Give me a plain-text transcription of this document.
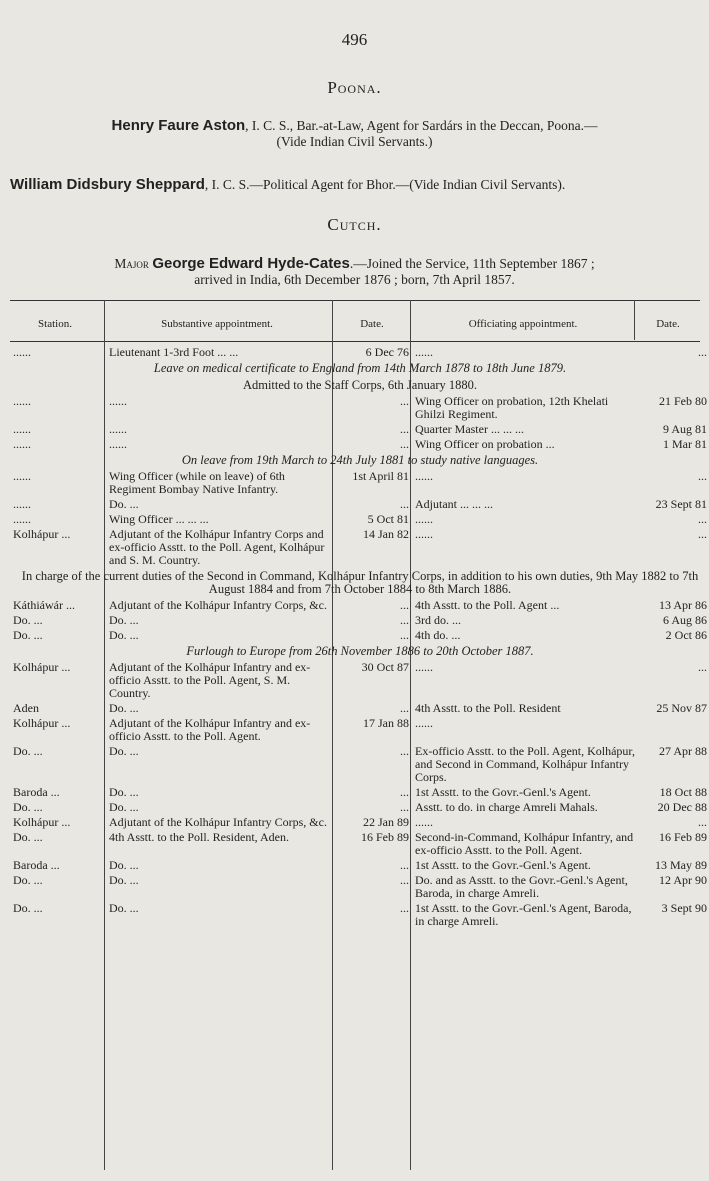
496
Poona.
Henry Faure Aston, I. C. S., Bar.-at-Law, Agent for Sardárs in the Deccan, Poona.—
(Vide Indian Civil Servants.)
William Didsbury Sheppard, I. C. S.—Political Agent for Bhor.—(Vide Indian Civil Servants).
Cutch.
Major George Edward Hyde-Cates.—Joined the Service, 11th September 1867 ;
arrived in India, 6th December 1876 ; born, 7th April 1857.
Station.	Substantive appointment.	Date.	Officiating appointment.	Date.
......	Lieutenant 1-3rd Foot ... ...	6 Dec 76	......	...
Leave on medical certificate to England from 14th March 1878 to 18th June 1879.				
Admitted to the Staff Corps, 6th January 1880.				
......	......	...	Wing Officer on probation, 12th Khelati Ghilzi Regiment.	21 Feb 80
......	......	...	Quarter Master ... ... ...	9 Aug 81
......	......	...	Wing Officer on probation ...	1 Mar 81
On leave from 19th March to 24th July 1881 to study native languages.				
......	Wing Officer (while on leave) of 6th Regiment Bombay Native Infantry.	1st April 81	......	...
......	Do. ...	...	Adjutant ... ... ...	23 Sept 81
......	Wing Officer ... ... ...	5 Oct 81	......	...
Kolhápur ...	Adjutant of the Kolhápur Infantry Corps and ex-officio Asstt. to the Poll. Agent, Kolhápur and S. M. Country.	14 Jan 82	......	...
In charge of the current duties of the Second in Command, Kolhápur Infantry Corps, in addition to his own duties, 9th May 1882 to 7th August 1884 and from 7th October 1884 to 8th March 1886.				
Káthiáwár ...	Adjutant of the Kolhápur Infantry Corps, &c.	...	4th Asstt. to the Poll. Agent ...	13 Apr 86
Do. ...	Do. ...	...	3rd do. ...	6 Aug 86
Do. ...	Do. ...	...	4th do. ...	2 Oct 86
Furlough to Europe from 26th November 1886 to 20th October 1887.				
Kolhápur ...	Adjutant of the Kolhápur Infantry and ex-officio Asstt. to the Poll. Agent, S. M. Country.	30 Oct 87	......	...
Aden	Do. ...	...	4th Asstt. to the Poll. Resident	25 Nov 87
Kolhápur ...	Adjutant of the Kolhápur Infantry and ex-officio Asstt. to the Poll. Agent.	17 Jan 88	......	
Do. ...	Do. ...	...	Ex-officio Asstt. to the Poll. Agent, Kolhápur, and Second in Command, Kolhápur Infantry Corps.	27 Apr 88
Baroda ...	Do. ...	...	1st Asstt. to the Govr.-Genl.'s Agent.	18 Oct 88
Do. ...	Do. ...	...	Asstt. to do. in charge Amreli Mahals.	20 Dec 88
Kolhápur ...	Adjutant of the Kolhápur Infantry Corps, &c.	22 Jan 89	......	...
Do. ...	4th Asstt. to the Poll. Resident, Aden.	16 Feb 89	Second-in-Command, Kolhápur Infantry, and ex-officio Asstt. to the Poll. Agent.	16 Feb 89
Baroda ...	Do. ...	...	1st Asstt. to the Govr.-Genl.'s Agent.	13 May 89
Do. ...	Do. ...	...	Do. and as Asstt. to the Govr.-Genl.'s Agent, Baroda, in charge Amreli.	12 Apr 90
Do. ...	Do. ...	...	1st Asstt. to the Govr.-Genl.'s Agent, Baroda, in charge Amreli.	3 Sept 90
